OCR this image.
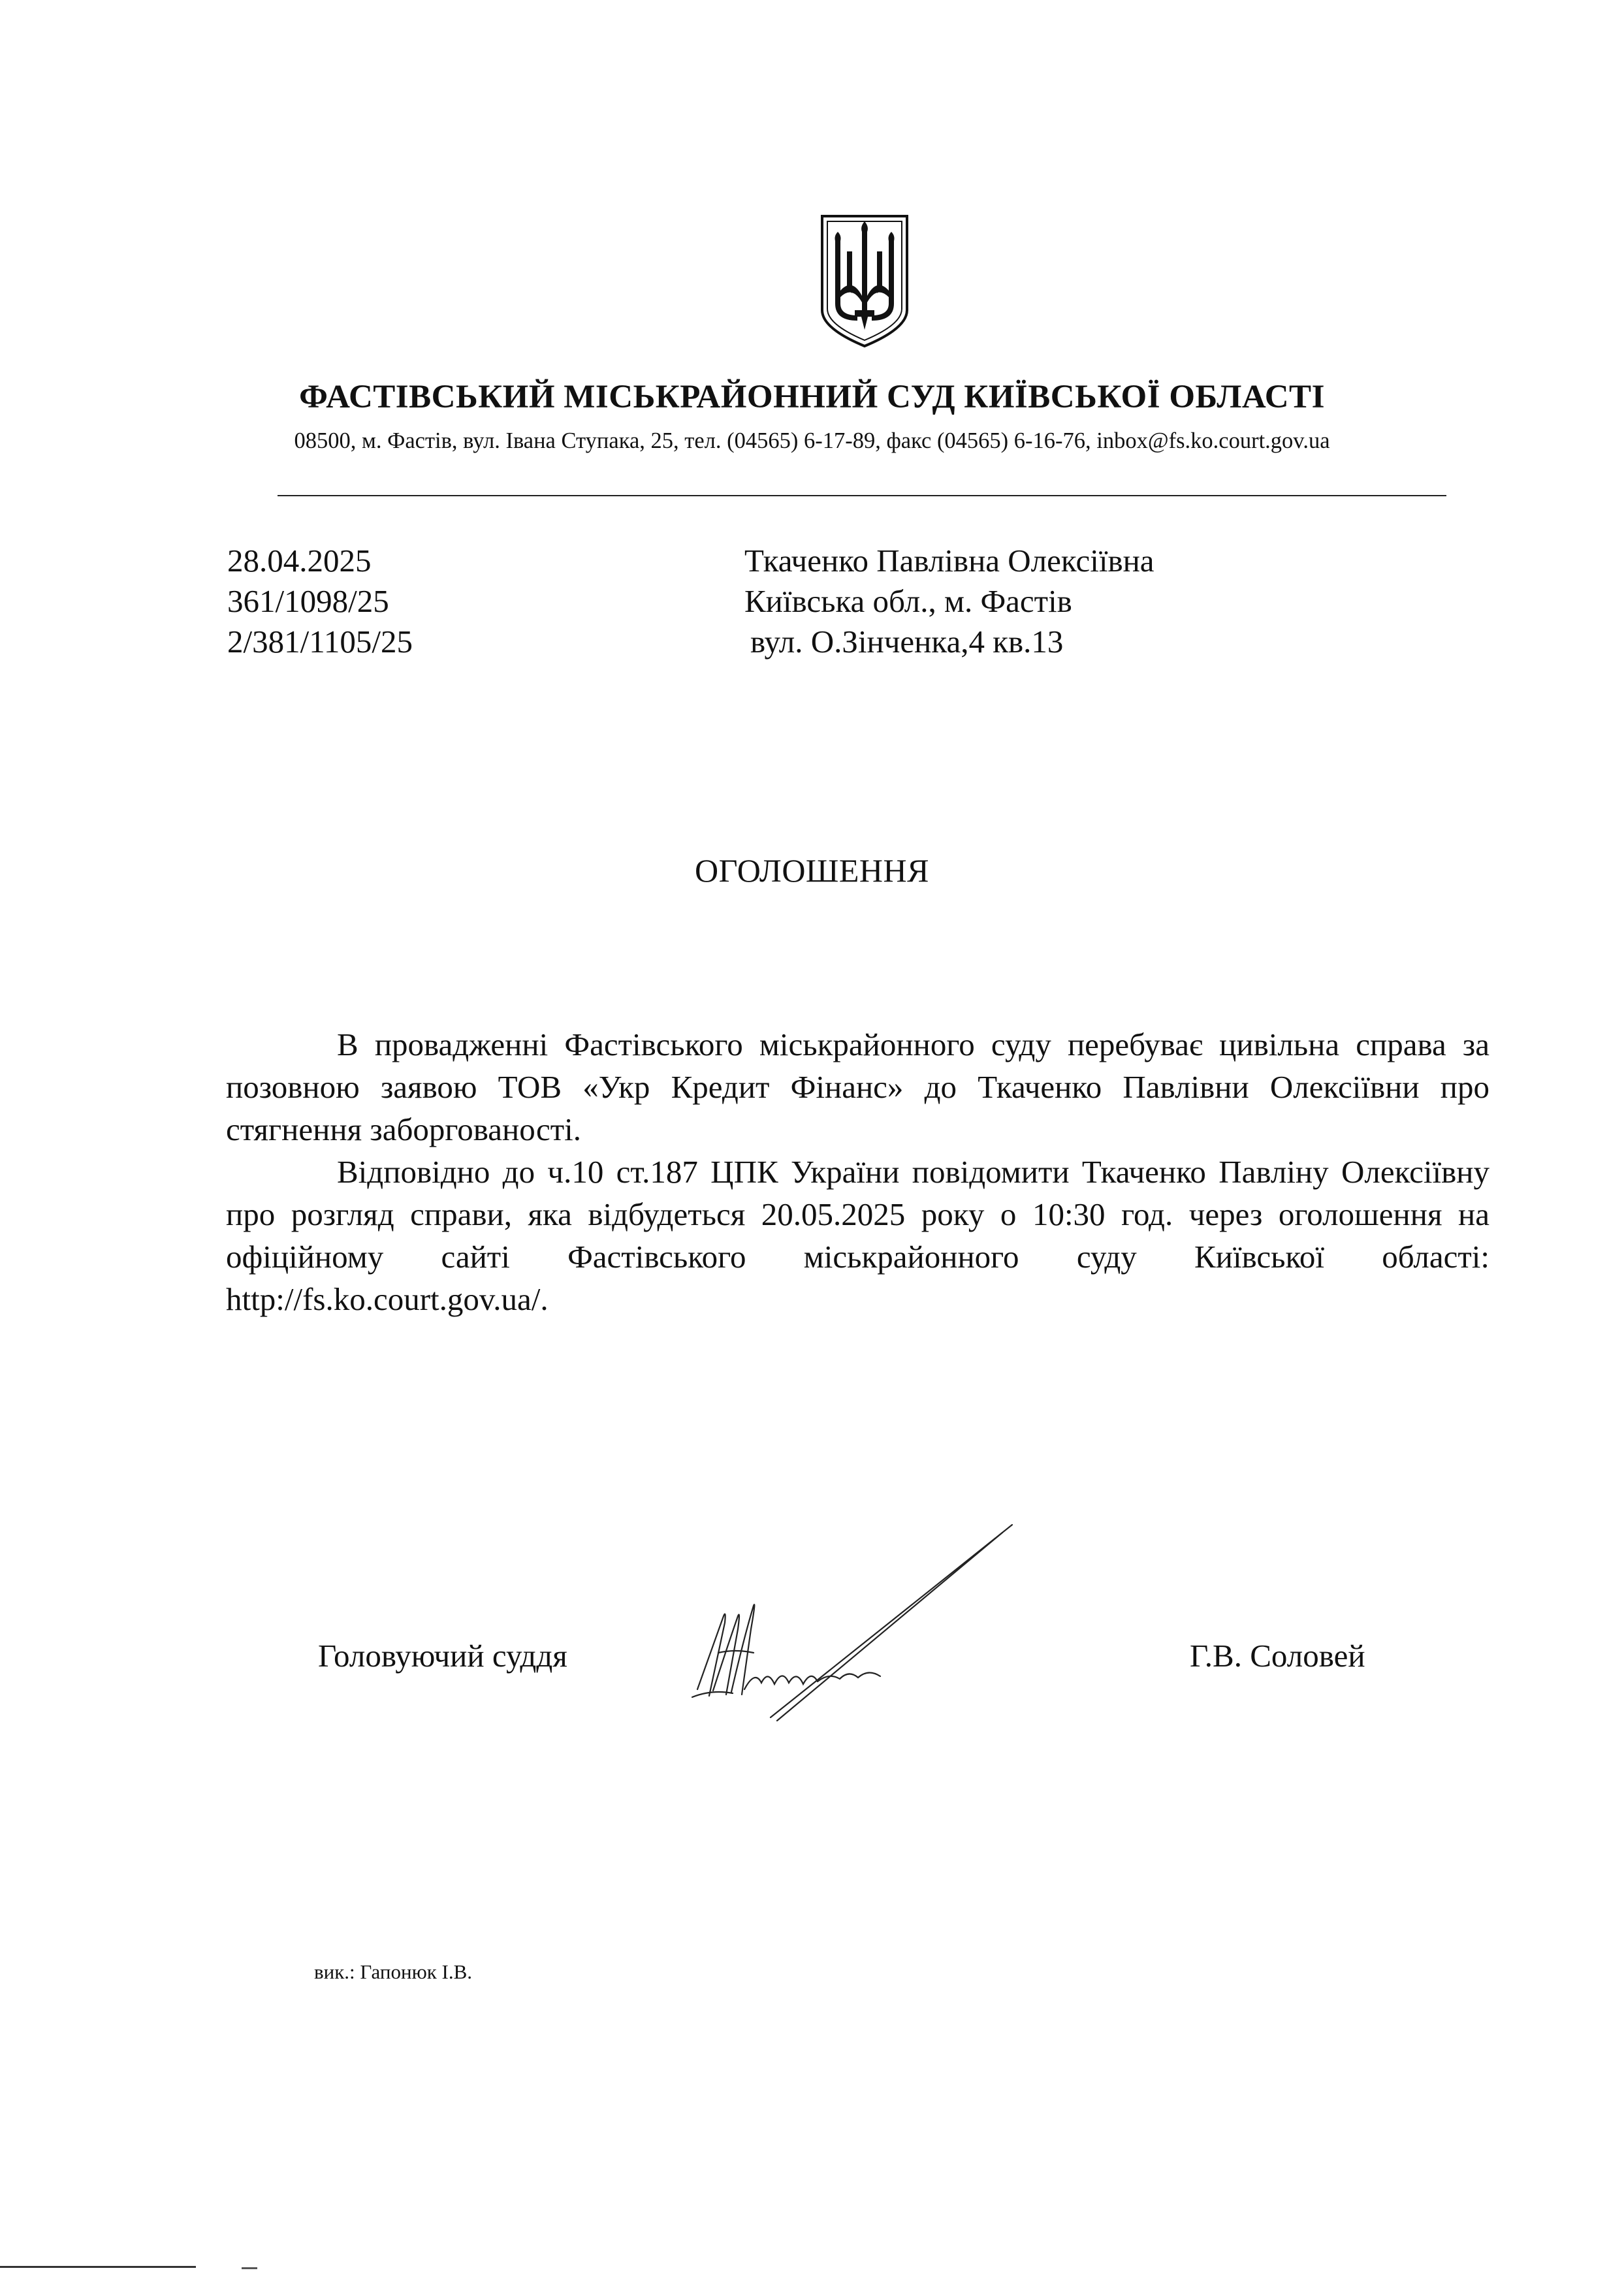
ФАСТІВСЬКИЙ МІСЬКРАЙОННИЙ СУД КИЇВСЬКОЇ ОБЛАСТІ
08500, м. Фастів, вул. Івана Ступака, 25, тел. (04565) 6-17-89, факс (04565) 6-16-76, inbox@fs.ko.court.gov.ua
28.04.2025
361/1098/25
2/381/1105/25
Ткаченко Павлівна Олексіївна
Київська обл., м. Фастів
вул. О.Зінченка,4 кв.13
ОГОЛОШЕННЯ

В провадженні Фастівського міськрайонного суду перебуває цивільна справа за позовною заявою ТОВ «Укр Кредит Фінанс» до Ткаченко Павлівни Олексіївни про стягнення заборгованості.

Відповідно до ч.10 ст.187 ЦПК України повідомити Ткаченко Павліну Олексіївну про розгляд справи, яка відбудеться 20.05.2025 року о 10:30 год. через оголошення на офіційному сайті Фастівського міськрайонного суду Київської області: http://fs.ko.court.gov.ua/.

Головуючий суддя	Г.В. Соловей
вик.: Гапонюк І.В.
